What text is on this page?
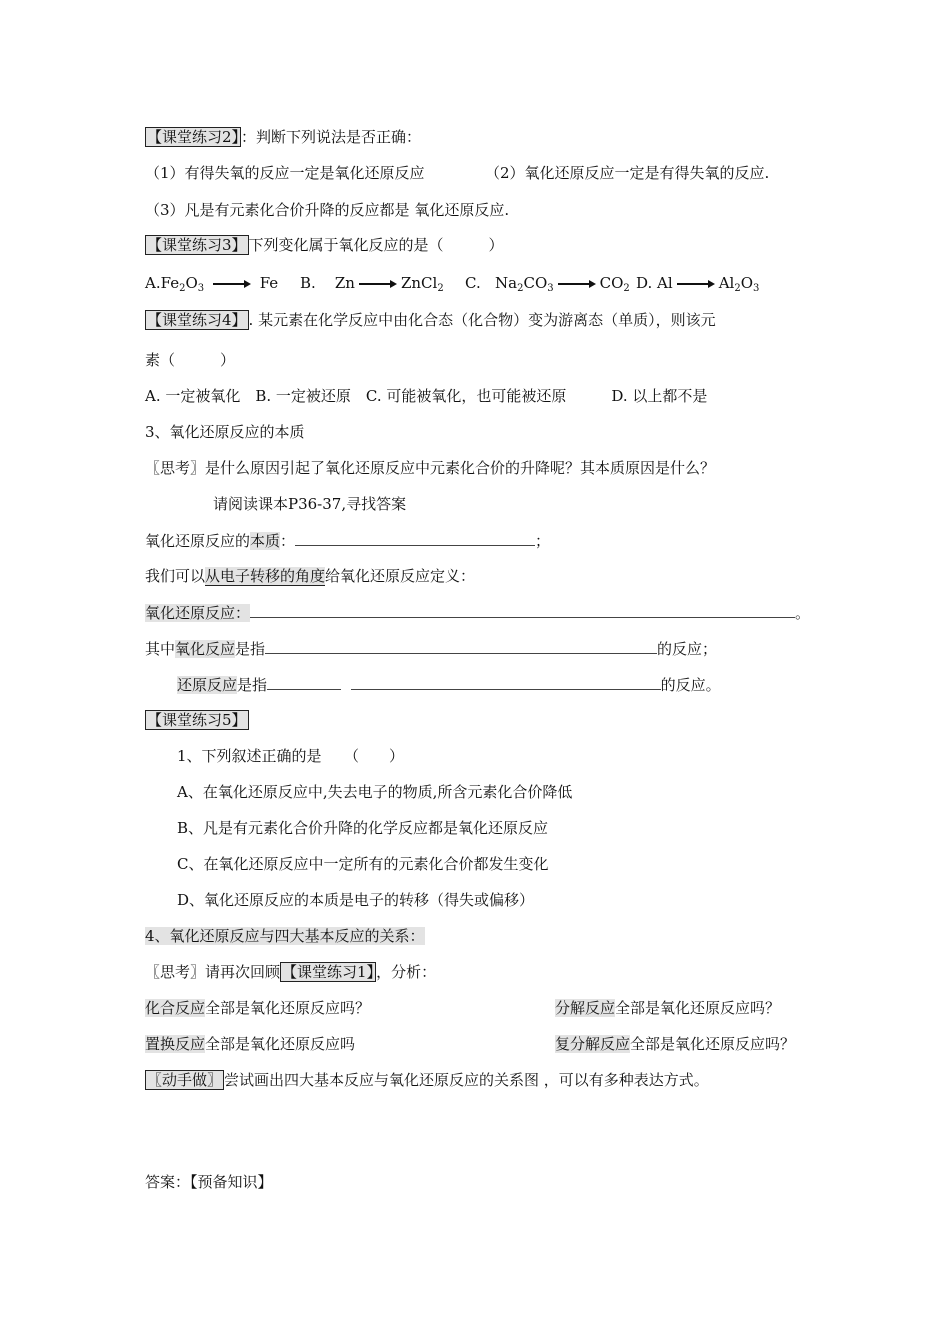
【课堂练习2】 ：判断下列说法是否正确：
（1）有得失氧的反应一定是氧化还原反应	（2）氧化还原反应一定是有得失氧的反应.
（3）凡是有元素化合价升降的反应都是 氧化还原反应.
【课堂练习3】 下列变化属于氧化反应的是（　　　）
$A.Fe_2O_3 \to Fe$ B. Zn → ZnCl$_2$ C. $Na_2CO_3 \to CO_2$ D. $Al \to Al_2O_3$
【课堂练习4】 . 某元素在化学反应中由化合态（化合物）变为游离态（单质），则该元
素（　　　）
A. 一定被氧化　B. 一定被还原　C. 可能被氧化，也可能被还原　　　D. 以上都不是
3、氧化还原反应的本质
〖思考〗是什么原因引起了氧化还原反应中元素化合价的升降呢？其本质原因是什么？
请阅读课本P36-37,寻找答案
氧化还原反应的本质：	；
我们可以从电子转移的角度给氧化还原反应定义：
氧化还原反应：	。
其中氧化反应是指	的反应；
还原反应是指	的反应。
【课堂练习5】
1、下列叙述正确的是　　（　　）
A、在氧化还原反应中,失去电子的物质,所含元素化合价降低
B、凡是有元素化合价升降的化学反应都是氧化还原反应
C、在氧化还原反应中一定所有的元素化合价都发生变化
D、氧化还原反应的本质是电子的转移（得失或偏移）
4、氧化还原反应与四大基本反应的关系：
〖思考〗请再次回顾 【课堂练习1】 ，分析：
化合反应全部是氧化还原反应吗？	分解反应全部是氧化还原反应吗？
置换反应全部是氧化还原反应吗	复分解反应全部是氧化还原反应吗？
〖动手做〗 尝试画出四大基本反应与氧化还原反应的关系图 ，可以有多种表达方式。
答案：【预备知识】
